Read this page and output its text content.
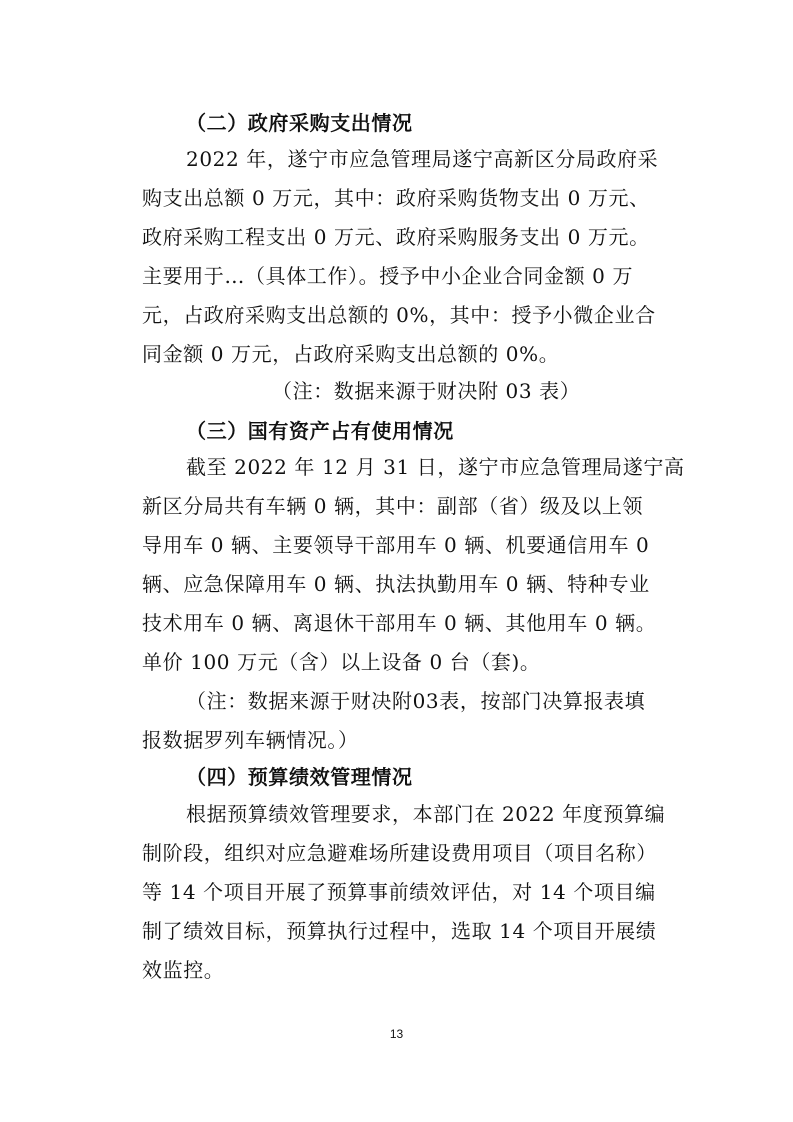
（二）政府采购支出情况
2022 年，遂宁市应急管理局遂宁高新区分局政府采
购支出总额 0 万元，其中：政府采购货物支出 0 万元、
政府采购工程支出 0 万元、政府采购服务支出 0 万元。
主要用于…（具体工作）。授予中小企业合同金额 0 万
元，占政府采购支出总额的 0%，其中：授予小微企业合
同金额 0 万元，占政府采购支出总额的 0%。
（注：数据来源于财决附 03 表）
（三）国有资产占有使用情况
截至 2022 年 12 月 31 日，遂宁市应急管理局遂宁高
新区分局共有车辆 0 辆，其中：副部（省）级及以上领
导用车 0 辆、主要领导干部用车 0 辆、机要通信用车 0
辆、应急保障用车 0 辆、执法执勤用车 0 辆、特种专业
技术用车 0 辆、离退休干部用车 0 辆、其他用车 0 辆。
单价 100 万元（含）以上设备 0 台（套)。
（注：数据来源于财决附03表，按部门决算报表填
报数据罗列车辆情况。）
（四）预算绩效管理情况
根据预算绩效管理要求，本部门在 2022 年度预算编
制阶段，组织对应急避难场所建设费用项目（项目名称）
等 14 个项目开展了预算事前绩效评估，对 14 个项目编
制了绩效目标，预算执行过程中，选取 14 个项目开展绩
效监控。
13
